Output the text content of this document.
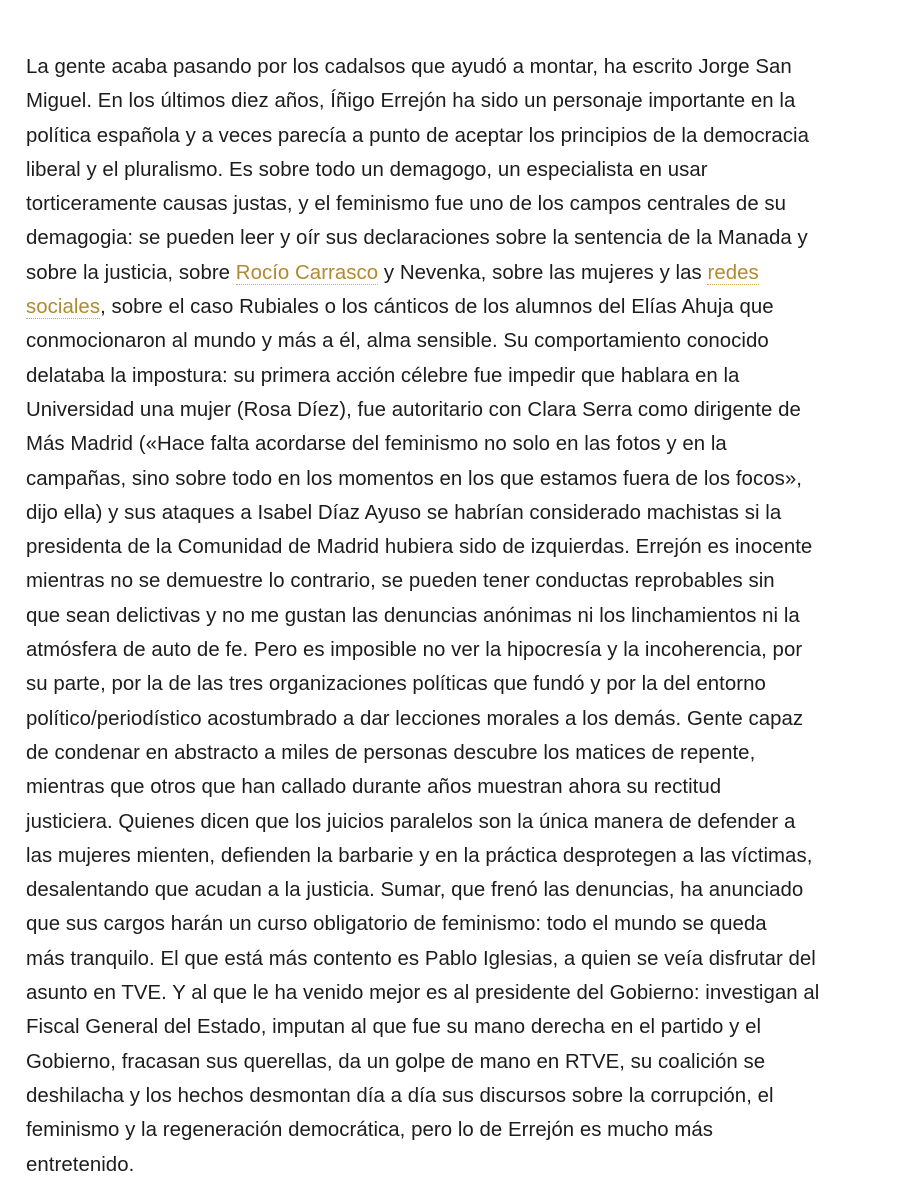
La gente acaba pasando por los cadalsos que ayudó a montar, ha escrito Jorge San
Miguel. En los últimos diez años, Íñigo Errejón ha sido un personaje importante en la
política española y a veces parecía a punto de aceptar los principios de la democracia
liberal y el pluralismo. Es sobre todo un demagogo, un especialista en usar
torticeramente causas justas, y el feminismo fue uno de los campos centrales de su
demagogia: se pueden leer y oír sus declaraciones sobre la sentencia de la Manada y
sobre la justicia, sobre Rocío Carrasco y Nevenka, sobre las mujeres y las redes
sociales, sobre el caso Rubiales o los cánticos de los alumnos del Elías Ahuja que
conmocionaron al mundo y más a él, alma sensible. Su comportamiento conocido
delataba la impostura: su primera acción célebre fue impedir que hablara en la
Universidad una mujer (Rosa Díez), fue autoritario con Clara Serra como dirigente de
Más Madrid («Hace falta acordarse del feminismo no solo en las fotos y en la
campañas, sino sobre todo en los momentos en los que estamos fuera de los focos»,
dijo ella) y sus ataques a Isabel Díaz Ayuso se habrían considerado machistas si la
presidenta de la Comunidad de Madrid hubiera sido de izquierdas. Errejón es inocente
mientras no se demuestre lo contrario, se pueden tener conductas reprobables sin
que sean delictivas y no me gustan las denuncias anónimas ni los linchamientos ni la
atmósfera de auto de fe. Pero es imposible no ver la hipocresía y la incoherencia, por
su parte, por la de las tres organizaciones políticas que fundó y por la del entorno
político/periodístico acostumbrado a dar lecciones morales a los demás. Gente capaz
de condenar en abstracto a miles de personas descubre los matices de repente,
mientras que otros que han callado durante años muestran ahora su rectitud
justiciera. Quienes dicen que los juicios paralelos son la única manera de defender a
las mujeres mienten, defienden la barbarie y en la práctica desprotegen a las víctimas,
desalentando que acudan a la justicia. Sumar, que frenó las denuncias, ha anunciado
que sus cargos harán un curso obligatorio de feminismo: todo el mundo se queda
más tranquilo. El que está más contento es Pablo Iglesias, a quien se veía disfrutar del
asunto en TVE. Y al que le ha venido mejor es al presidente del Gobierno: investigan al
Fiscal General del Estado, imputan al que fue su mano derecha en el partido y el
Gobierno, fracasan sus querellas, da un golpe de mano en RTVE, su coalición se
deshilacha y los hechos desmontan día a día sus discursos sobre la corrupción, el
feminismo y la regeneración democrática, pero lo de Errejón es mucho más
entretenido.
